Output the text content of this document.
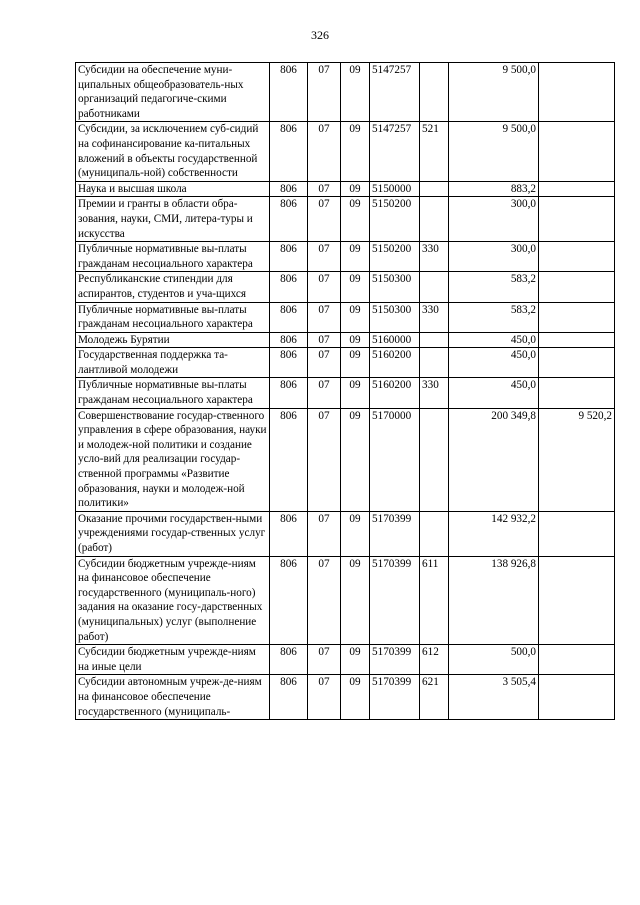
326
Субсидии на обеспечение муни-ципальных общеобразователь-ных организаций педагогиче-скими работниками	806	07	09	5147257		9 500,0	
Субсидии, за исключением суб-сидий на софинансирование ка-питальных вложений в объекты государственной (муниципаль-ной) собственности	806	07	09	5147257	521	9 500,0	
Наука и высшая школа	806	07	09	5150000		883,2	
Премии и гранты в области обра-зования, науки, СМИ, литера-туры и искусства	806	07	09	5150200		300,0	
Публичные нормативные вы-платы гражданам несоциального характера	806	07	09	5150200	330	300,0	
Республиканские стипендии для аспирантов, студентов и уча-щихся	806	07	09	5150300		583,2	
Публичные нормативные вы-платы гражданам несоциального характера	806	07	09	5150300	330	583,2	
Молодежь Бурятии	806	07	09	5160000		450,0	
Государственная поддержка та-лантливой молодежи	806	07	09	5160200		450,0	
Публичные нормативные вы-платы гражданам несоциального характера	806	07	09	5160200	330	450,0	
Совершенствование государ-ственного управления в сфере образования, науки и молодеж-ной политики и создание усло-вий для реализации государ-ственной программы «Развитие образования, науки и молодеж-ной политики»	806	07	09	5170000		200 349,8	9 520,2
Оказание прочими государствен-ными учреждениями государ-ственных услуг (работ)	806	07	09	5170399		142 932,2	
Субсидии бюджетным учрежде-ниям на финансовое обеспечение государственного (муниципаль-ного) задания на оказание госу-дарственных (муниципальных) услуг (выполнение работ)	806	07	09	5170399	611	138 926,8	
Субсидии бюджетным учрежде-ниям на иные цели	806	07	09	5170399	612	500,0	
Субсидии автономным учреж-де-ниям на финансовое обеспечение государственного (муниципаль-	806	07	09	5170399	621	3 505,4	
